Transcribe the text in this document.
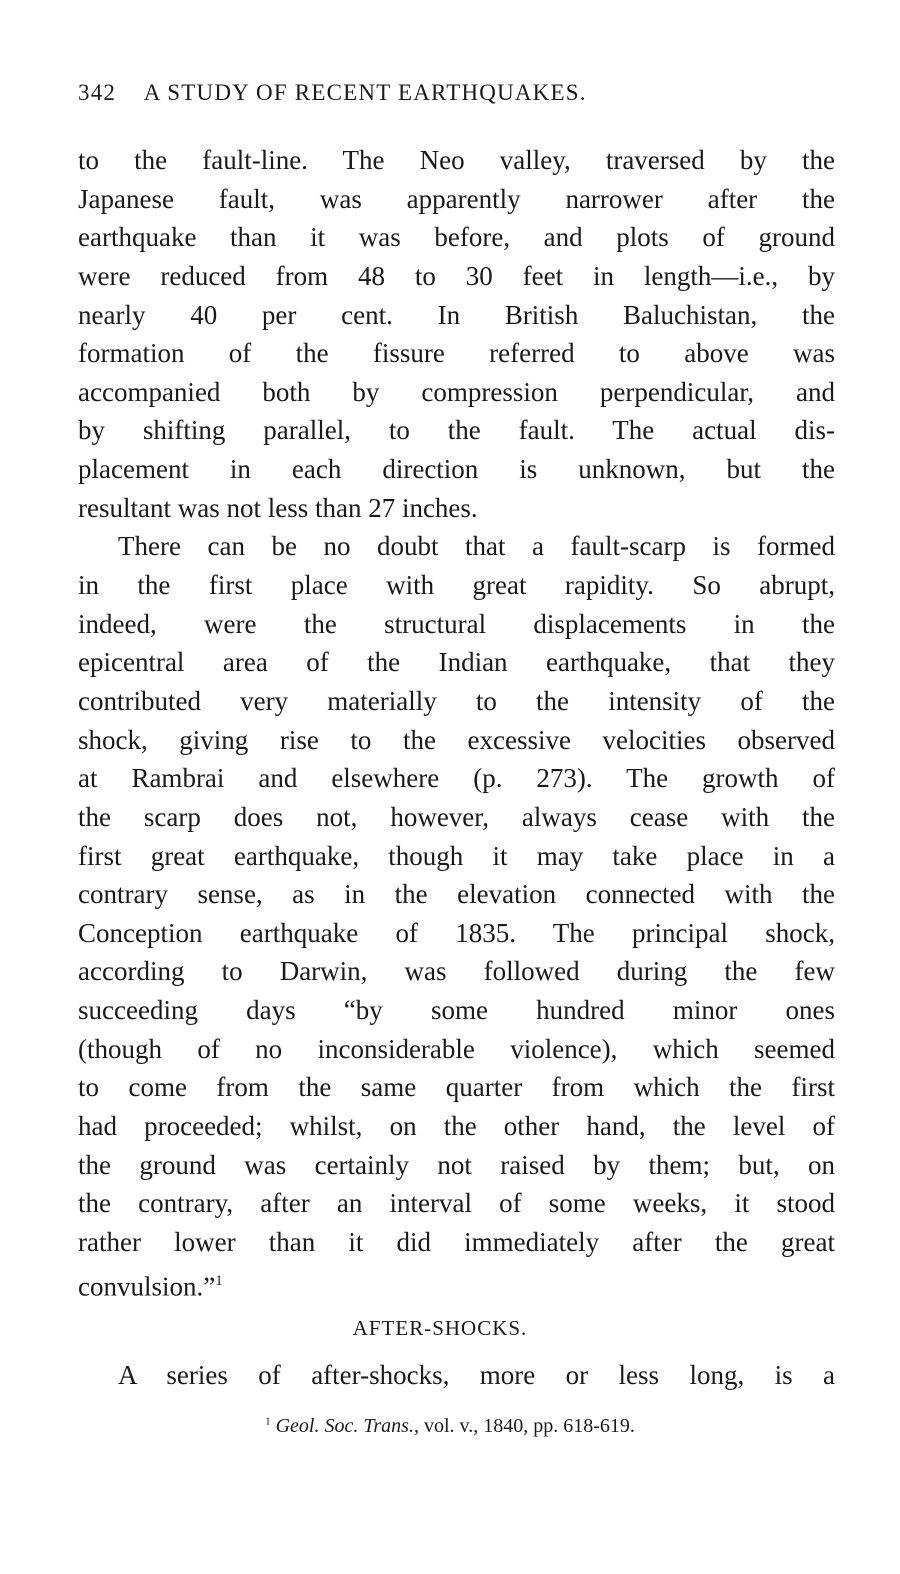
342 A STUDY OF RECENT EARTHQUAKES.
to the fault-line. The Neo valley, traversed by the
Japanese fault, was apparently narrower after the
earthquake than it was before, and plots of ground
were reduced from 48 to 30 feet in length—i.e., by
nearly 40 per cent. In British Baluchistan, the
formation of the fissure referred to above was
accompanied both by compression perpendicular, and
by shifting parallel, to the fault. The actual dis-
placement in each direction is unknown, but the
resultant was not less than 27 inches.
There can be no doubt that a fault-scarp is formed
in the first place with great rapidity. So abrupt,
indeed, were the structural displacements in the
epicentral area of the Indian earthquake, that they
contributed very materially to the intensity of the
shock, giving rise to the excessive velocities observed
at Rambrai and elsewhere (p. 273). The growth of
the scarp does not, however, always cease with the
first great earthquake, though it may take place in a
contrary sense, as in the elevation connected with the
Conception earthquake of 1835. The principal shock,
according to Darwin, was followed during the few
succeeding days “by some hundred minor ones
(though of no inconsiderable violence), which seemed
to come from the same quarter from which the first
had proceeded; whilst, on the other hand, the level of
the ground was certainly not raised by them; but, on
the contrary, after an interval of some weeks, it stood
rather lower than it did immediately after the great
convulsion.”$^1$
AFTER-SHOCKS.
A series of after-shocks, more or less long, is a
$^1$ Geol. Soc. Trans., vol. v., 1840, pp. 618-619.
